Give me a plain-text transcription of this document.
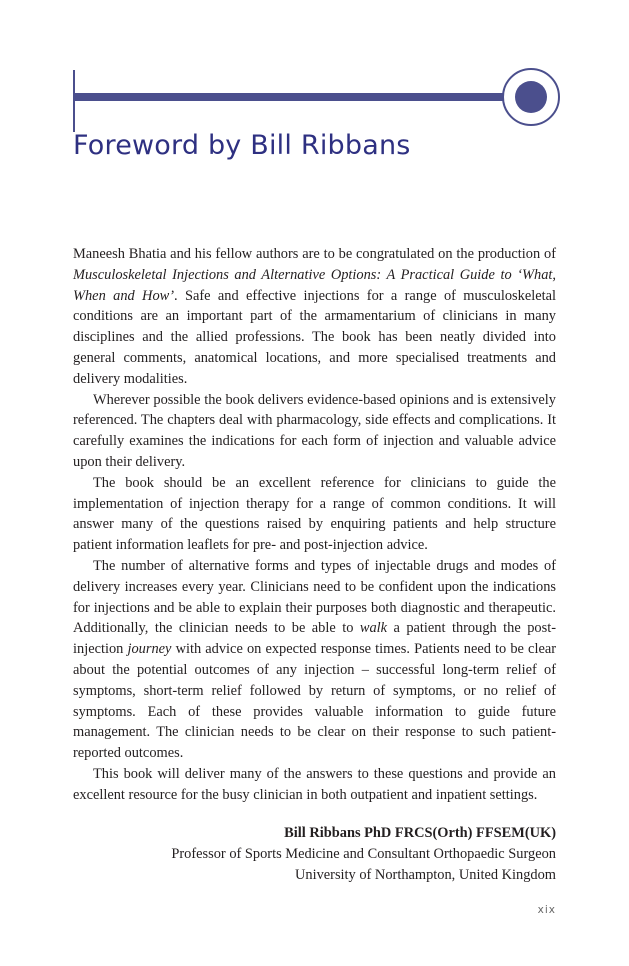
Foreword by Bill Ribbans

Maneesh Bhatia and his fellow authors are to be congratulated on the production of Musculoskeletal Injections and Alternative Options: A Practical Guide to ‘What, When and How’. Safe and effective injections for a range of musculoskeletal conditions are an important part of the armamentarium of clinicians in many disciplines and the allied professions. The book has been neatly divided into general comments, anatomical locations, and more specialised treatments and delivery modalities.

Wherever possible the book delivers evidence-based opinions and is extensively referenced. The chapters deal with pharmacology, side effects and complications. It carefully examines the indications for each form of injection and valuable advice upon their delivery.

The book should be an excellent reference for clinicians to guide the implementation of injection therapy for a range of common conditions. It will answer many of the questions raised by enquiring patients and help structure patient information leaflets for pre- and post-injection advice.

The number of alternative forms and types of injectable drugs and modes of delivery increases every year. Clinicians need to be confident upon the indications for injections and be able to explain their purposes both diagnostic and therapeutic. Additionally, the clinician needs to be able to walk a patient through the post-injection journey with advice on expected response times. Patients need to be clear about the potential outcomes of any injection – successful long-term relief of symptoms, short-term relief followed by return of symptoms, or no relief of symptoms. Each of these provides valuable information to guide future management. The clinician needs to be clear on their response to such patient-reported outcomes.

This book will deliver many of the answers to these questions and provide an excellent resource for the busy clinician in both outpatient and inpatient settings.

Bill Ribbans PhD FRCS(Orth) FFSEM(UK)
Professor of Sports Medicine and Consultant Orthopaedic Surgeon
University of Northampton, United Kingdom
xix
